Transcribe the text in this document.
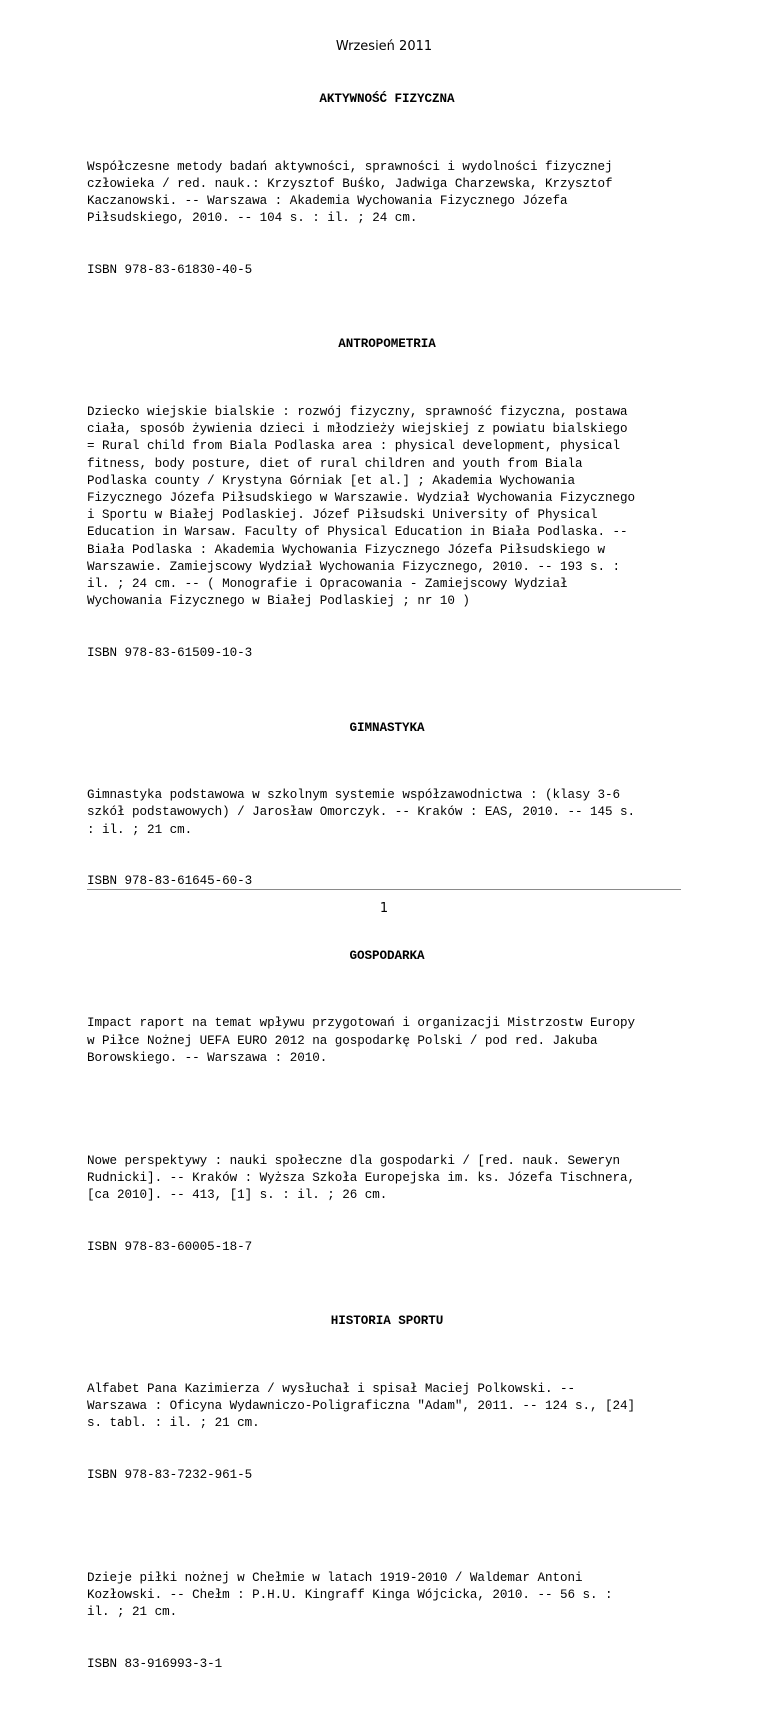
Wrzesień 2011
AKTYWNOŚĆ FIZYCZNA

Współczesne metody badań aktywności, sprawności i wydolności fizycznej
człowieka / red. nauk.: Krzysztof Buśko, Jadwiga Charzewska, Krzysztof
Kaczanowski. -- Warszawa : Akademia Wychowania Fizycznego Józefa
Piłsudskiego, 2010. -- 104 s. : il. ; 24 cm.

ISBN 978-83-61830-40-5

ANTROPOMETRIA

Dziecko wiejskie bialskie : rozwój fizyczny, sprawność fizyczna, postawa
ciała, sposób żywienia dzieci i młodzieży wiejskiej z powiatu bialskiego
= Rural child from Biala Podlaska area : physical development, physical
fitness, body posture, diet of rural children and youth from Biala
Podlaska county / Krystyna Górniak [et al.] ; Akademia Wychowania
Fizycznego Józefa Piłsudskiego w Warszawie. Wydział Wychowania Fizycznego
i Sportu w Białej Podlaskiej. Józef Piłsudski University of Physical
Education in Warsaw. Faculty of Physical Education in Biała Podlaska. --
Biała Podlaska : Akademia Wychowania Fizycznego Józefa Piłsudskiego w
Warszawie. Zamiejscowy Wydział Wychowania Fizycznego, 2010. -- 193 s. :
il. ; 24 cm. -- ( Monografie i Opracowania - Zamiejscowy Wydział
Wychowania Fizycznego w Białej Podlaskiej ; nr 10 )

ISBN 978-83-61509-10-3

GIMNASTYKA

Gimnastyka podstawowa w szkolnym systemie współzawodnictwa : (klasy 3-6
szkół podstawowych) / Jarosław Omorczyk. -- Kraków : EAS, 2010. -- 145 s.
: il. ; 21 cm.

ISBN 978-83-61645-60-3

GOSPODARKA

Impact raport na temat wpływu przygotowań i organizacji Mistrzostw Europy
w Piłce Nożnej UEFA EURO 2012 na gospodarkę Polski / pod red. Jakuba
Borowskiego. -- Warszawa : 2010.

Nowe perspektywy : nauki społeczne dla gospodarki / [red. nauk. Seweryn
Rudnicki]. -- Kraków : Wyższa Szkoła Europejska im. ks. Józefa Tischnera,
[ca 2010]. -- 413, [1] s. : il. ; 26 cm.

ISBN 978-83-60005-18-7

HISTORIA SPORTU

Alfabet Pana Kazimierza / wysłuchał i spisał Maciej Polkowski. --
Warszawa : Oficyna Wydawniczo-Poligraficzna "Adam", 2011. -- 124 s., [24]
s. tabl. : il. ; 21 cm.

ISBN 978-83-7232-961-5

Dzieje piłki nożnej w Chełmie w latach 1919-2010 / Waldemar Antoni
Kozłowski. -- Chełm : P.H.U. Kingraff Kinga Wójcicka, 2010. -- 56 s. :
il. ; 21 cm.

ISBN 83-916993-3-1

1
